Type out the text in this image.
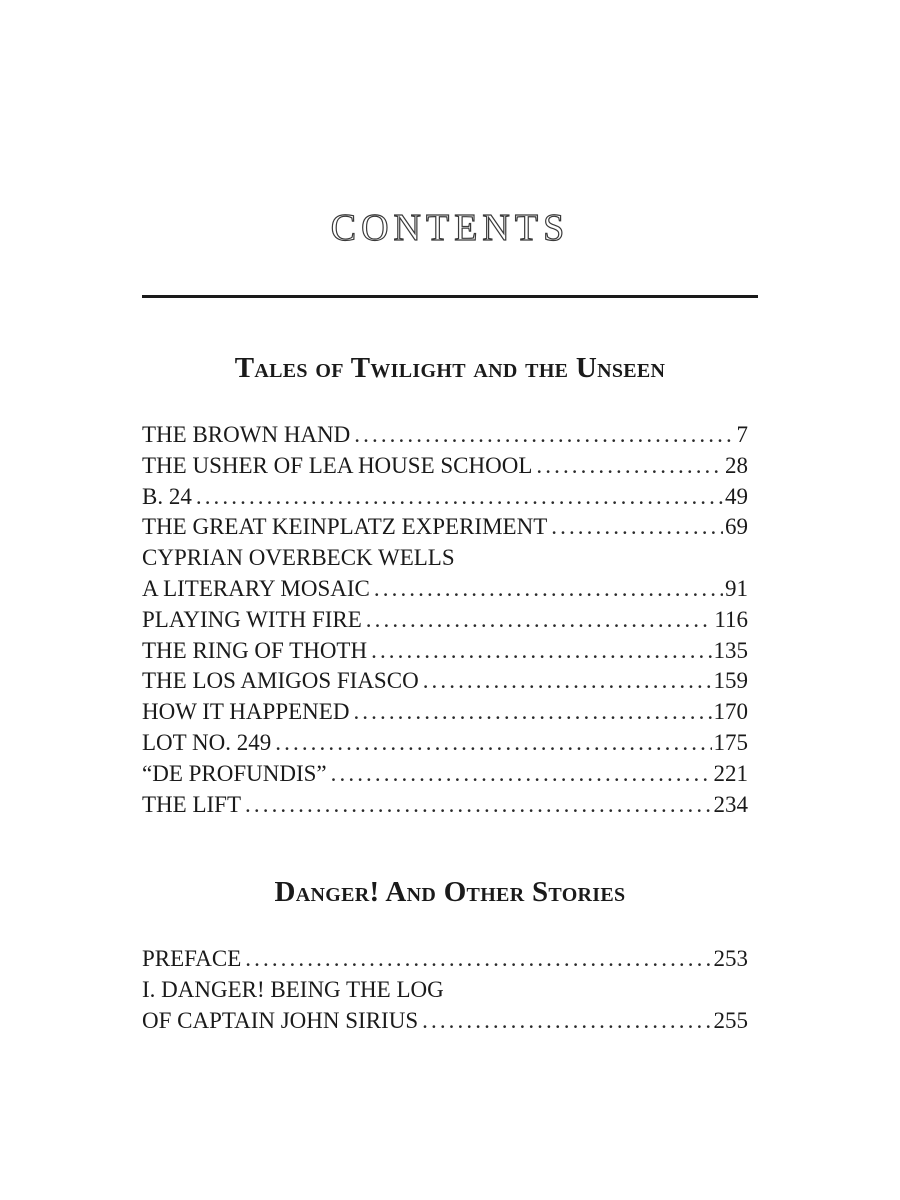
CONTENTS
Tales of Twilight and the Unseen
THE BROWN HAND .....	7
THE USHER OF LEA HOUSE SCHOOL .....	28
B. 24 .....	49
THE GREAT KEINPLATZ EXPERIMENT .....	69
CYPRIAN OVERBECK WELLS
A LITERARY MOSAIC .....	91
PLAYING WITH FIRE .....	116
THE RING OF THOTH .....	135
THE LOS AMIGOS FIASCO .....	159
HOW IT HAPPENED .....	170
LOT NO. 249 .....	175
“DE PROFUNDIS” .....	221
THE LIFT .....	234
Danger! And Other Stories
PREFACE .....	253
I. DANGER! BEING THE LOG
OF CAPTAIN JOHN SIRIUS .....	255
